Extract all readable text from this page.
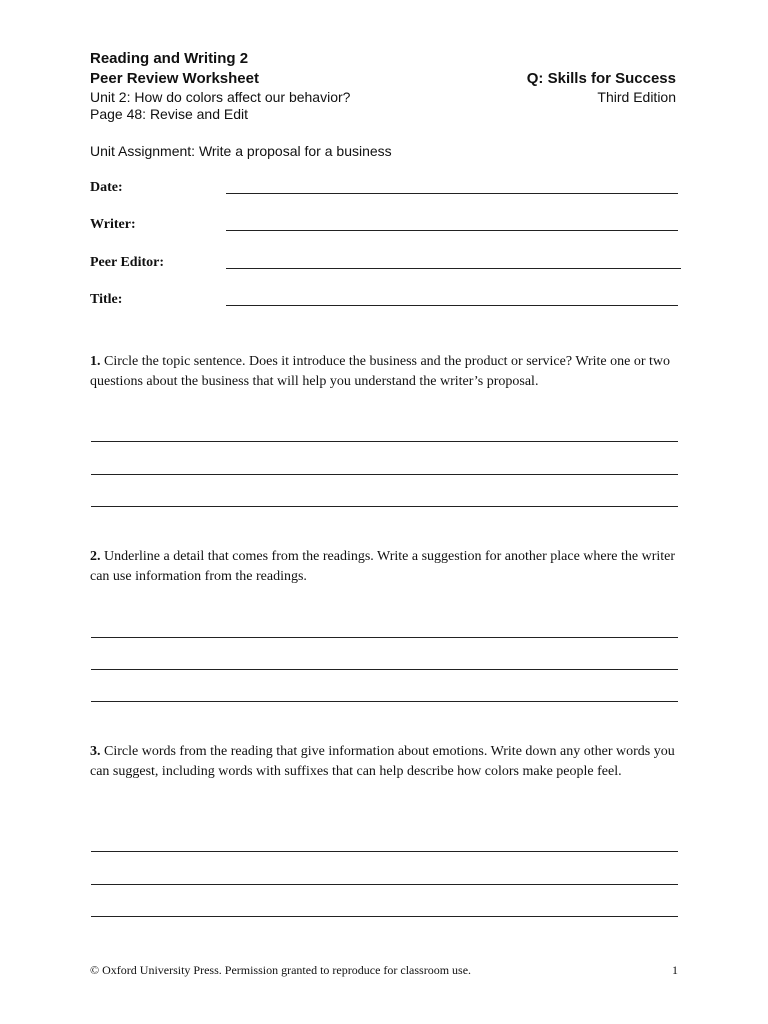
Reading and Writing 2
Peer Review Worksheet	Q: Skills for Success
Unit 2: How do colors affect our behavior?	Third Edition
Page 48: Revise and Edit
Unit Assignment: Write a proposal for a business
Date:
Writer:
Peer Editor:
Title:
1. Circle the topic sentence. Does it introduce the business and the product or service? Write one or two questions about the business that will help you understand the writer’s proposal.
2. Underline a detail that comes from the readings. Write a suggestion for another place where the writer can use information from the readings.
3. Circle words from the reading that give information about emotions. Write down any other words you can suggest, including words with suffixes that can help describe how colors make people feel.
© Oxford University Press. Permission granted to reproduce for classroom use.	1
